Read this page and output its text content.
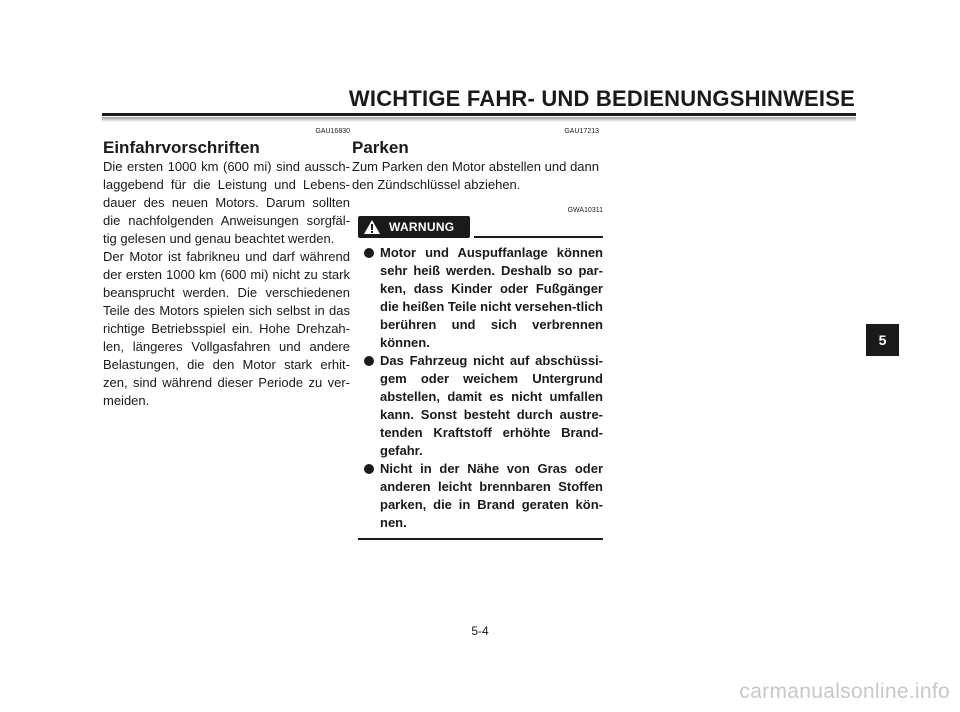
WICHTIGE FAHR- UND BEDIENUNGSHINWEISE
GAU16830
Einfahrvorschriften

Die ersten 1000 km (600 mi) sind aussch-laggebend für die Leistung und Lebens-dauer des neuen Motors. Darum sollten die nachfolgenden Anweisungen sorgfäl-tig gelesen und genau beachtet werden.

Der Motor ist fabrikneu und darf während der ersten 1000 km (600 mi) nicht zu stark beansprucht werden. Die verschiedenen Teile des Motors spielen sich selbst in das richtige Betriebsspiel ein. Hohe Drehzah-len, längeres Vollgasfahren und andere Belastungen, die den Motor stark erhit-zen, sind während dieser Periode zu ver-meiden.

GAU17213
Parken

Zum Parken den Motor abstellen und dann den Zündschlüssel abziehen.

GWA10311
WARNUNG
Motor und Auspuffanlage können sehr heiß werden. Deshalb so par-ken, dass Kinder oder Fußgänger die heißen Teile nicht versehen-tlich berühren und sich verbrennen können.
Das Fahrzeug nicht auf abschüssi-gem oder weichem Untergrund abstellen, damit es nicht umfallen kann. Sonst besteht durch austre-tenden Kraftstoff erhöhte Brand-gefahr.
Nicht in der Nähe von Gras oder anderen leicht brennbaren Stoffen parken, die in Brand geraten kön-nen.
5-4
5
carmanualsonline.info
